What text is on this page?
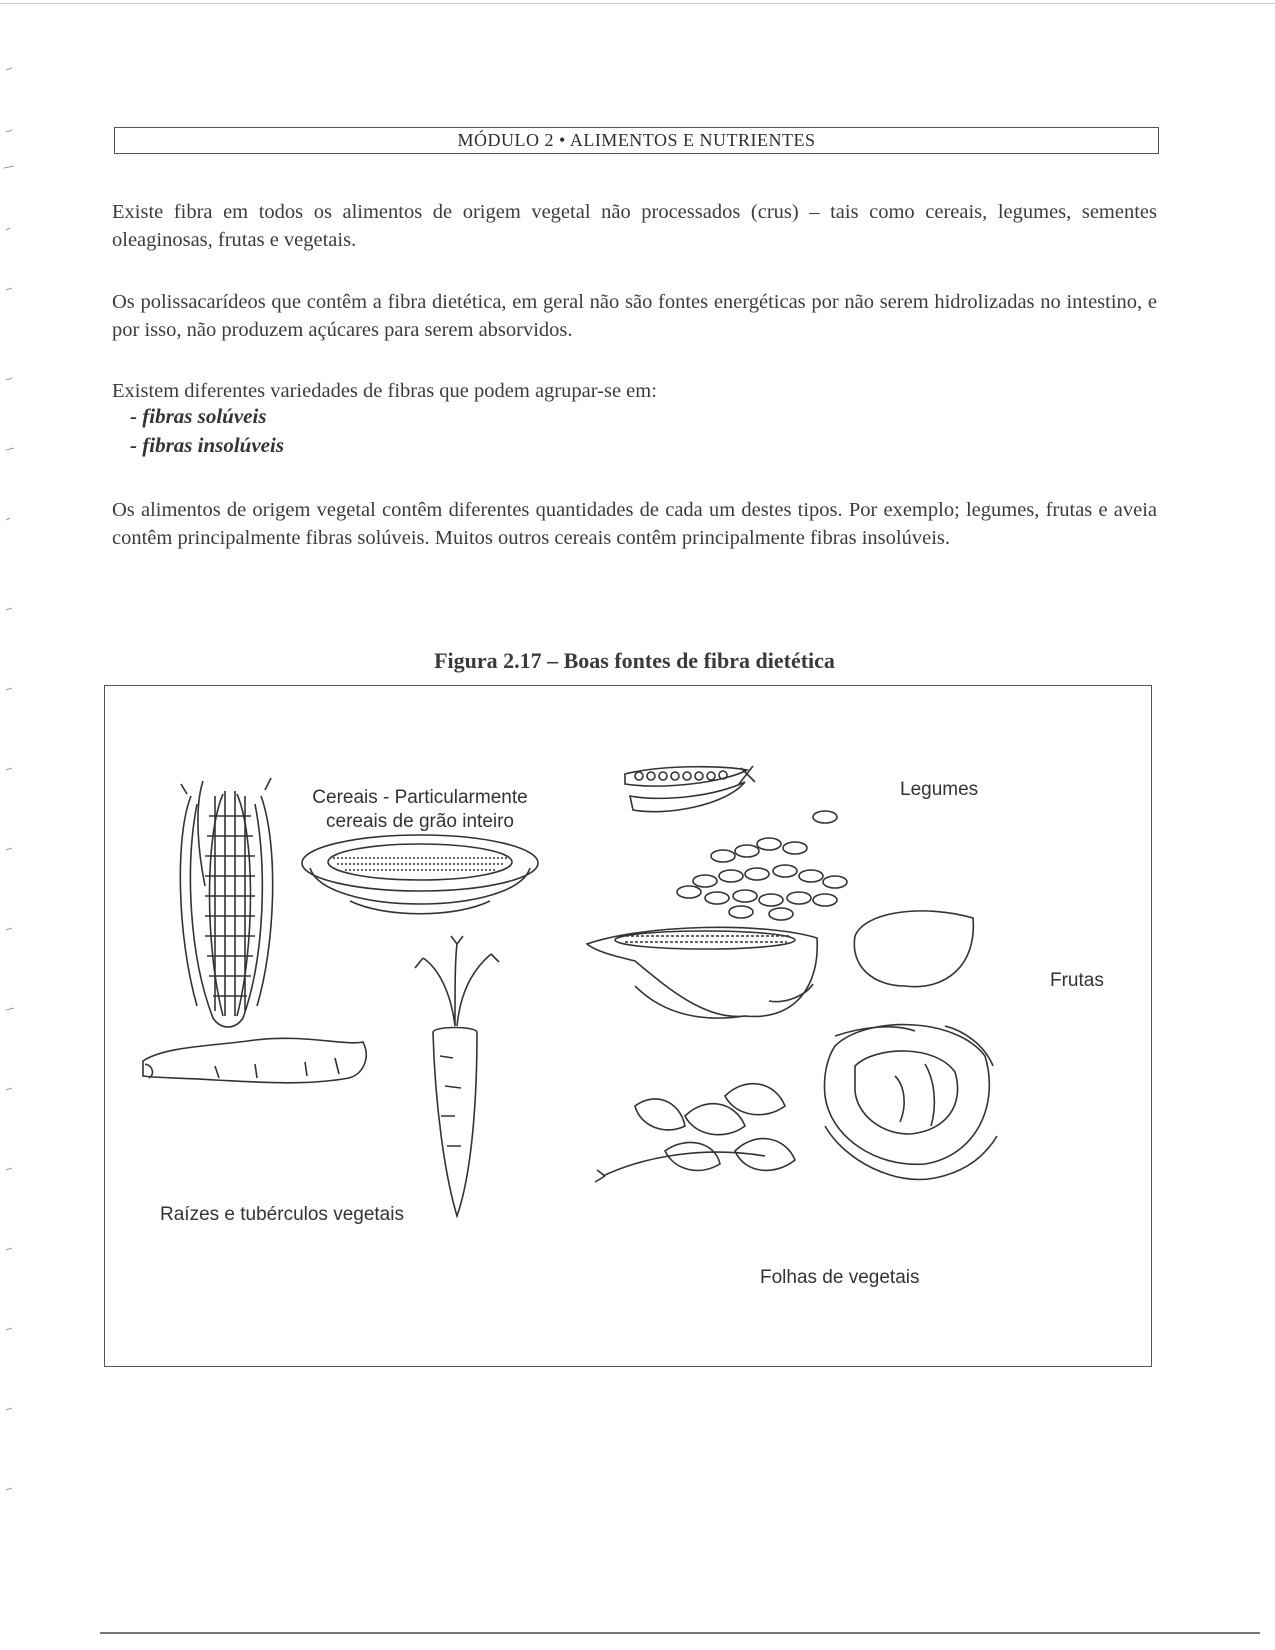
MÓDULO 2 • ALIMENTOS E NUTRIENTES

Existe fibra em todos os alimentos de origem vegetal não processados (crus) – tais como cereais, legumes, sementes oleaginosas, frutas e vegetais.

Os polissacarídeos que contêm a fibra dietética, em geral não são fontes energéticas por não serem hidrolizadas no intestino, e por isso, não produzem açúcares para serem absorvidos.

Existem diferentes variedades de fibras que podem agrupar-se em:

- fibras solúveis

- fibras insolúveis

Os alimentos de origem vegetal contêm diferentes quantidades de cada um destes tipos. Por exemplo; legumes, frutas e aveia contêm principalmente fibras solúveis. Muitos outros cereais contêm principalmente fibras insolúveis.

Figura 2.17 – Boas fontes de fibra dietética

Cereais - Particularmente
cereais de grão inteiro
Legumes
Frutas
Raízes e tubérculos vegetais
Folhas de vegetais
